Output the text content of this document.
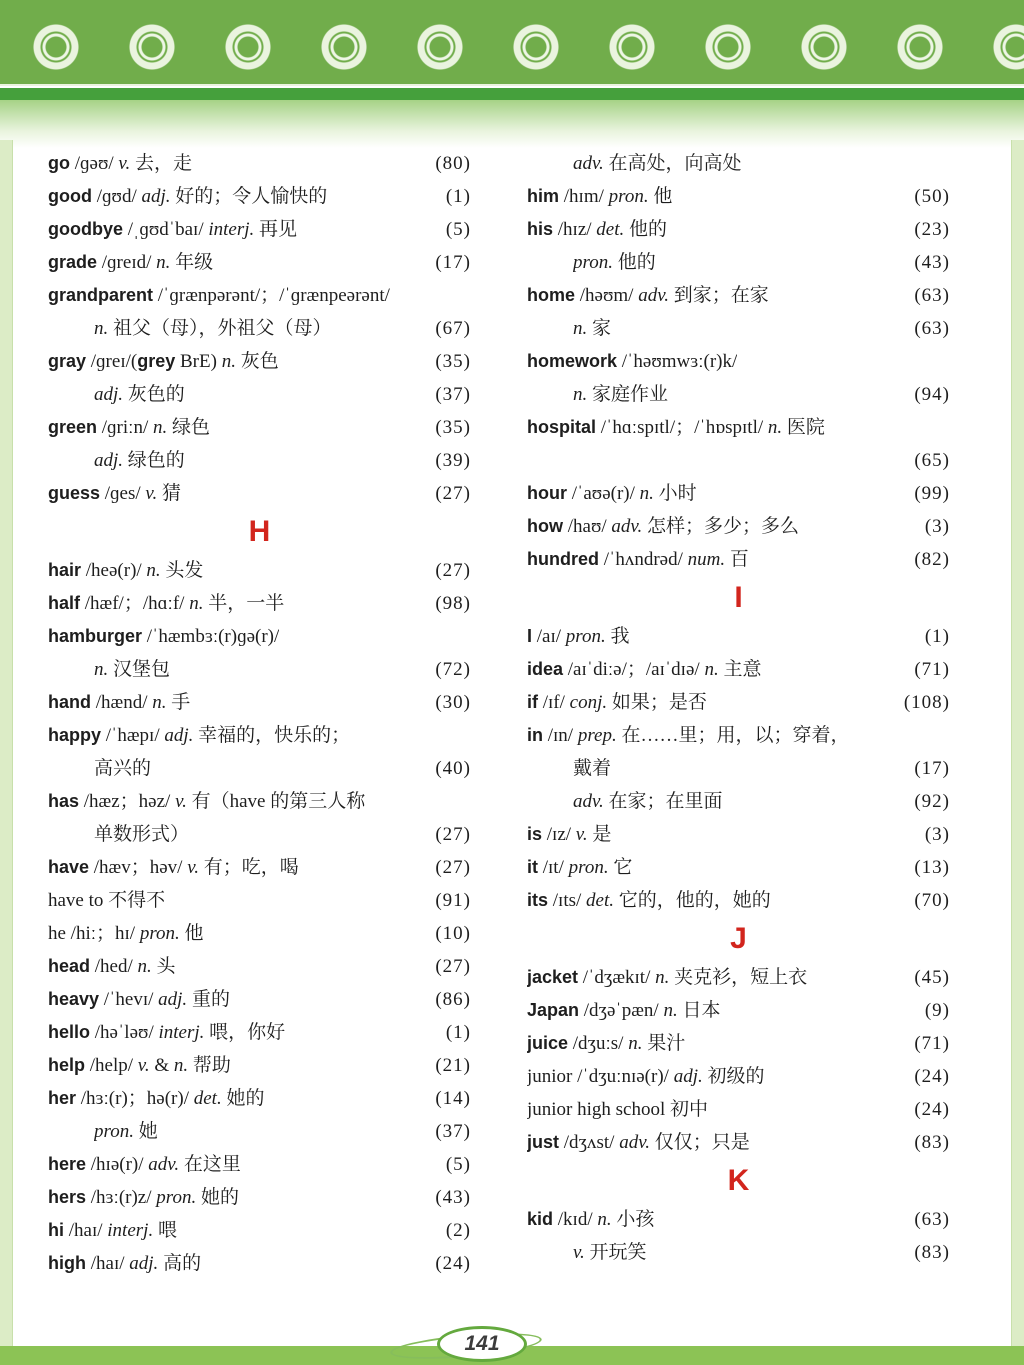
go /ɡəʊ/ v. 去，走	(80)
good /ɡʊd/ adj. 好的；令人愉快的	(1)
goodbye /ˌɡʊdˈbaɪ/ interj. 再见	(5)
grade /ɡreɪd/ n. 年级	(17)
grandparent /ˈɡrænpərənt/；/ˈɡrænpeərənt/
n. 祖父（母），外祖父（母）	(67)
gray /ɡreɪ/(grey BrE) n. 灰色	(35)
adj. 灰色的	(37)
green /ɡriːn/ n. 绿色	(35)
adj. 绿色的	(39)
guess /ɡes/ v. 猜	(27)
H
hair /heə(r)/ n. 头发	(27)
half /hæf/；/hɑːf/ n. 半，一半	(98)
hamburger /ˈhæmbɜː(r)ɡə(r)/
n. 汉堡包	(72)
hand /hænd/ n. 手	(30)
happy /ˈhæpɪ/ adj. 幸福的，快乐的；
高兴的	(40)
has /hæz；həz/ v. 有（have 的第三人称
单数形式）	(27)
have /hæv；həv/ v. 有；吃，喝	(27)
have to 不得不	(91)
he /hiː；hɪ/ pron. 他	(10)
head /hed/ n. 头	(27)
heavy /ˈhevɪ/ adj. 重的	(86)
hello /həˈləʊ/ interj. 喂，你好	(1)
help /help/ v. & n. 帮助	(21)
her /hɜː(r)；hə(r)/ det. 她的	(14)
pron. 她	(37)
here /hɪə(r)/ adv. 在这里	(5)
hers /hɜː(r)z/ pron. 她的	(43)
hi /haɪ/ interj. 喂	(2)
high /haɪ/ adj. 高的	(24)
adv. 在高处，向高处
him /hɪm/ pron. 他	(50)
his /hɪz/ det. 他的	(23)
pron. 他的	(43)
home /həʊm/ adv. 到家；在家	(63)
n. 家	(63)
homework /ˈhəʊmwɜː(r)k/
n. 家庭作业	(94)
hospital /ˈhɑːspɪtl/；/ˈhɒspɪtl/ n. 医院
(65)
hour /ˈaʊə(r)/ n. 小时	(99)
how /haʊ/ adv. 怎样；多少；多么	(3)
hundred /ˈhʌndrəd/ num. 百	(82)
I
I /aɪ/ pron. 我	(1)
idea /aɪˈdiːə/；/aɪˈdɪə/ n. 主意	(71)
if /ɪf/ conj. 如果；是否	(108)
in /ɪn/ prep. 在……里；用，以；穿着，
戴着	(17)
adv. 在家；在里面	(92)
is /ɪz/ v. 是	(3)
it /ɪt/ pron. 它	(13)
its /ɪts/ det. 它的，他的，她的	(70)
J
jacket /ˈdʒækɪt/ n. 夹克衫，短上衣	(45)
Japan /dʒəˈpæn/ n. 日本	(9)
juice /dʒuːs/ n. 果汁	(71)
junior /ˈdʒuːnɪə(r)/ adj. 初级的	(24)
junior high school 初中	(24)
just /dʒʌst/ adv. 仅仅；只是	(83)
K
kid /kɪd/ n. 小孩	(63)
v. 开玩笑	(83)
141
